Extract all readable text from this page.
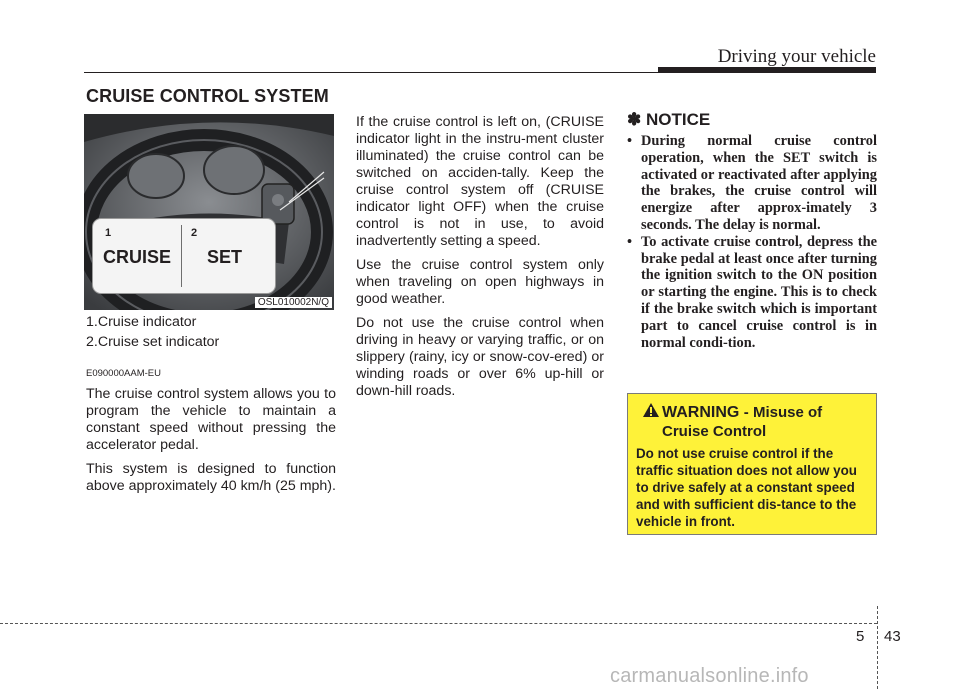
Driving your vehicle
CRUISE CONTROL SYSTEM
1	2
CRUISE SET
OSL010002N/Q
1.Cruise indicator
2.Cruise set indicator
E090000AAM-EU
The cruise control system allows you to program the vehicle to maintain a constant speed without pressing the accelerator pedal.
This system is designed to function above approximately 40 km/h (25 mph).
If the cruise control is left on, (CRUISE indicator light in the instru-ment cluster illuminated) the cruise control can be switched on acciden-tally. Keep the cruise control system off (CRUISE indicator light OFF) when the cruise control is not in use, to avoid inadvertently setting a speed.
Use the cruise control system only when traveling on open highways in good weather.
Do not use the cruise control when driving in heavy or varying traffic, or on slippery (rainy, icy or snow-cov-ered) or winding roads or over 6% up-hill or down-hill roads.
✽ NOTICE
• During normal cruise control operation, when the SET switch is activated or reactivated after applying the brakes, the cruise control will energize after approx-imately 3 seconds. The delay is normal.
• To activate cruise control, depress the brake pedal at least once after turning the ignition switch to the ON position or starting the engine. This is to check if the brake switch which is important part to cancel cruise control is in normal condi-tion.
WARNING - Misuse of Cruise Control
Do not use cruise control if the traffic situation does not allow you to drive safely at a constant speed and with sufficient dis-tance to the vehicle in front.
5 43
carmanualsonline.info
